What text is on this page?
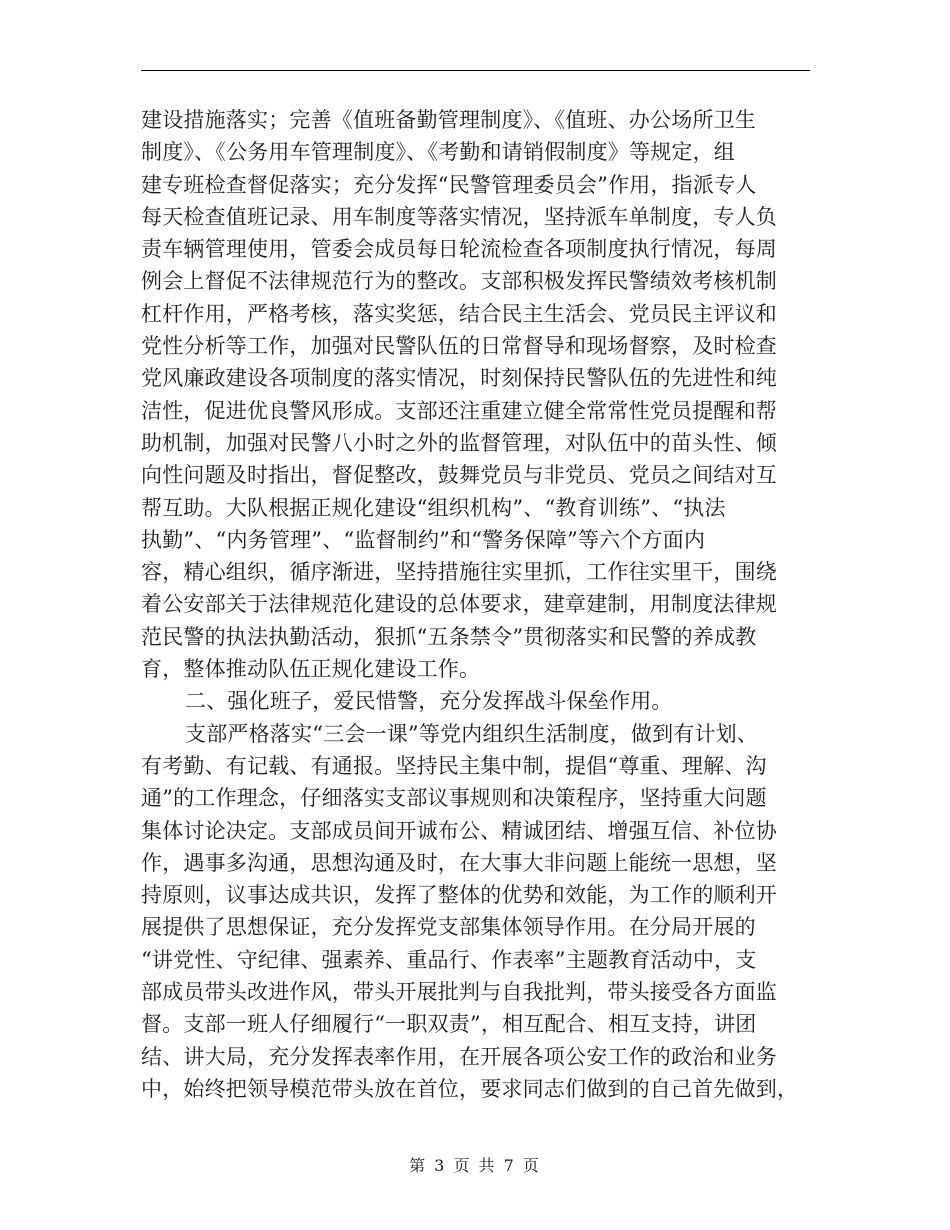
建设措施落实；完善《值班备勤管理制度》、《值班、办公场所卫生
制度》、《公务用车管理制度》、《考勤和请销假制度》等规定，组
建专班检查督促落实；充分发挥“民警管理委员会”作用，指派专人
每天检查值班记录、用车制度等落实情况，坚持派车单制度，专人负
责车辆管理使用，管委会成员每日轮流检查各项制度执行情况，每周
例会上督促不法律规范行为的整改。支部积极发挥民警绩效考核机制
杠杆作用，严格考核，落实奖惩，结合民主生活会、党员民主评议和
党性分析等工作，加强对民警队伍的日常督导和现场督察，及时检查
党风廉政建设各项制度的落实情况，时刻保持民警队伍的先进性和纯
洁性，促进优良警风形成。支部还注重建立健全常常性党员提醒和帮
助机制，加强对民警八小时之外的监督管理，对队伍中的苗头性、倾
向性问题及时指出，督促整改，鼓舞党员与非党员、党员之间结对互
帮互助。大队根据正规化建设“组织机构”、“教育训练”、“执法
执勤”、“内务管理”、“监督制约”和“警务保障”等六个方面内
容，精心组织，循序渐进，坚持措施往实里抓，工作往实里干，围绕
着公安部关于法律规范化建设的总体要求，建章建制，用制度法律规
范民警的执法执勤活动，狠抓“五条禁令”贯彻落实和民警的养成教
育，整体推动队伍正规化建设工作。
二、强化班子，爱民惜警，充分发挥战斗保垒作用。
支部严格落实“三会一课”等党内组织生活制度，做到有计划、
有考勤、有记载、有通报。坚持民主集中制，提倡“尊重、理解、沟
通”的工作理念，仔细落实支部议事规则和决策程序，坚持重大问题
集体讨论决定。支部成员间开诚布公、精诚团结、增强互信、补位协
作，遇事多沟通，思想沟通及时，在大事大非问题上能统一思想，坚
持原则，议事达成共识，发挥了整体的优势和效能，为工作的顺利开
展提供了思想保证，充分发挥党支部集体领导作用。在分局开展的
“讲党性、守纪律、强素养、重品行、作表率”主题教育活动中，支
部成员带头改进作风，带头开展批判与自我批判，带头接受各方面监
督。支部一班人仔细履行“一职双责”，相互配合、相互支持，讲团
结、讲大局，充分发挥表率作用，在开展各项公安工作的政治和业务
中，始终把领导模范带头放在首位，要求同志们做到的自己首先做到，
第 3 页 共 7 页
